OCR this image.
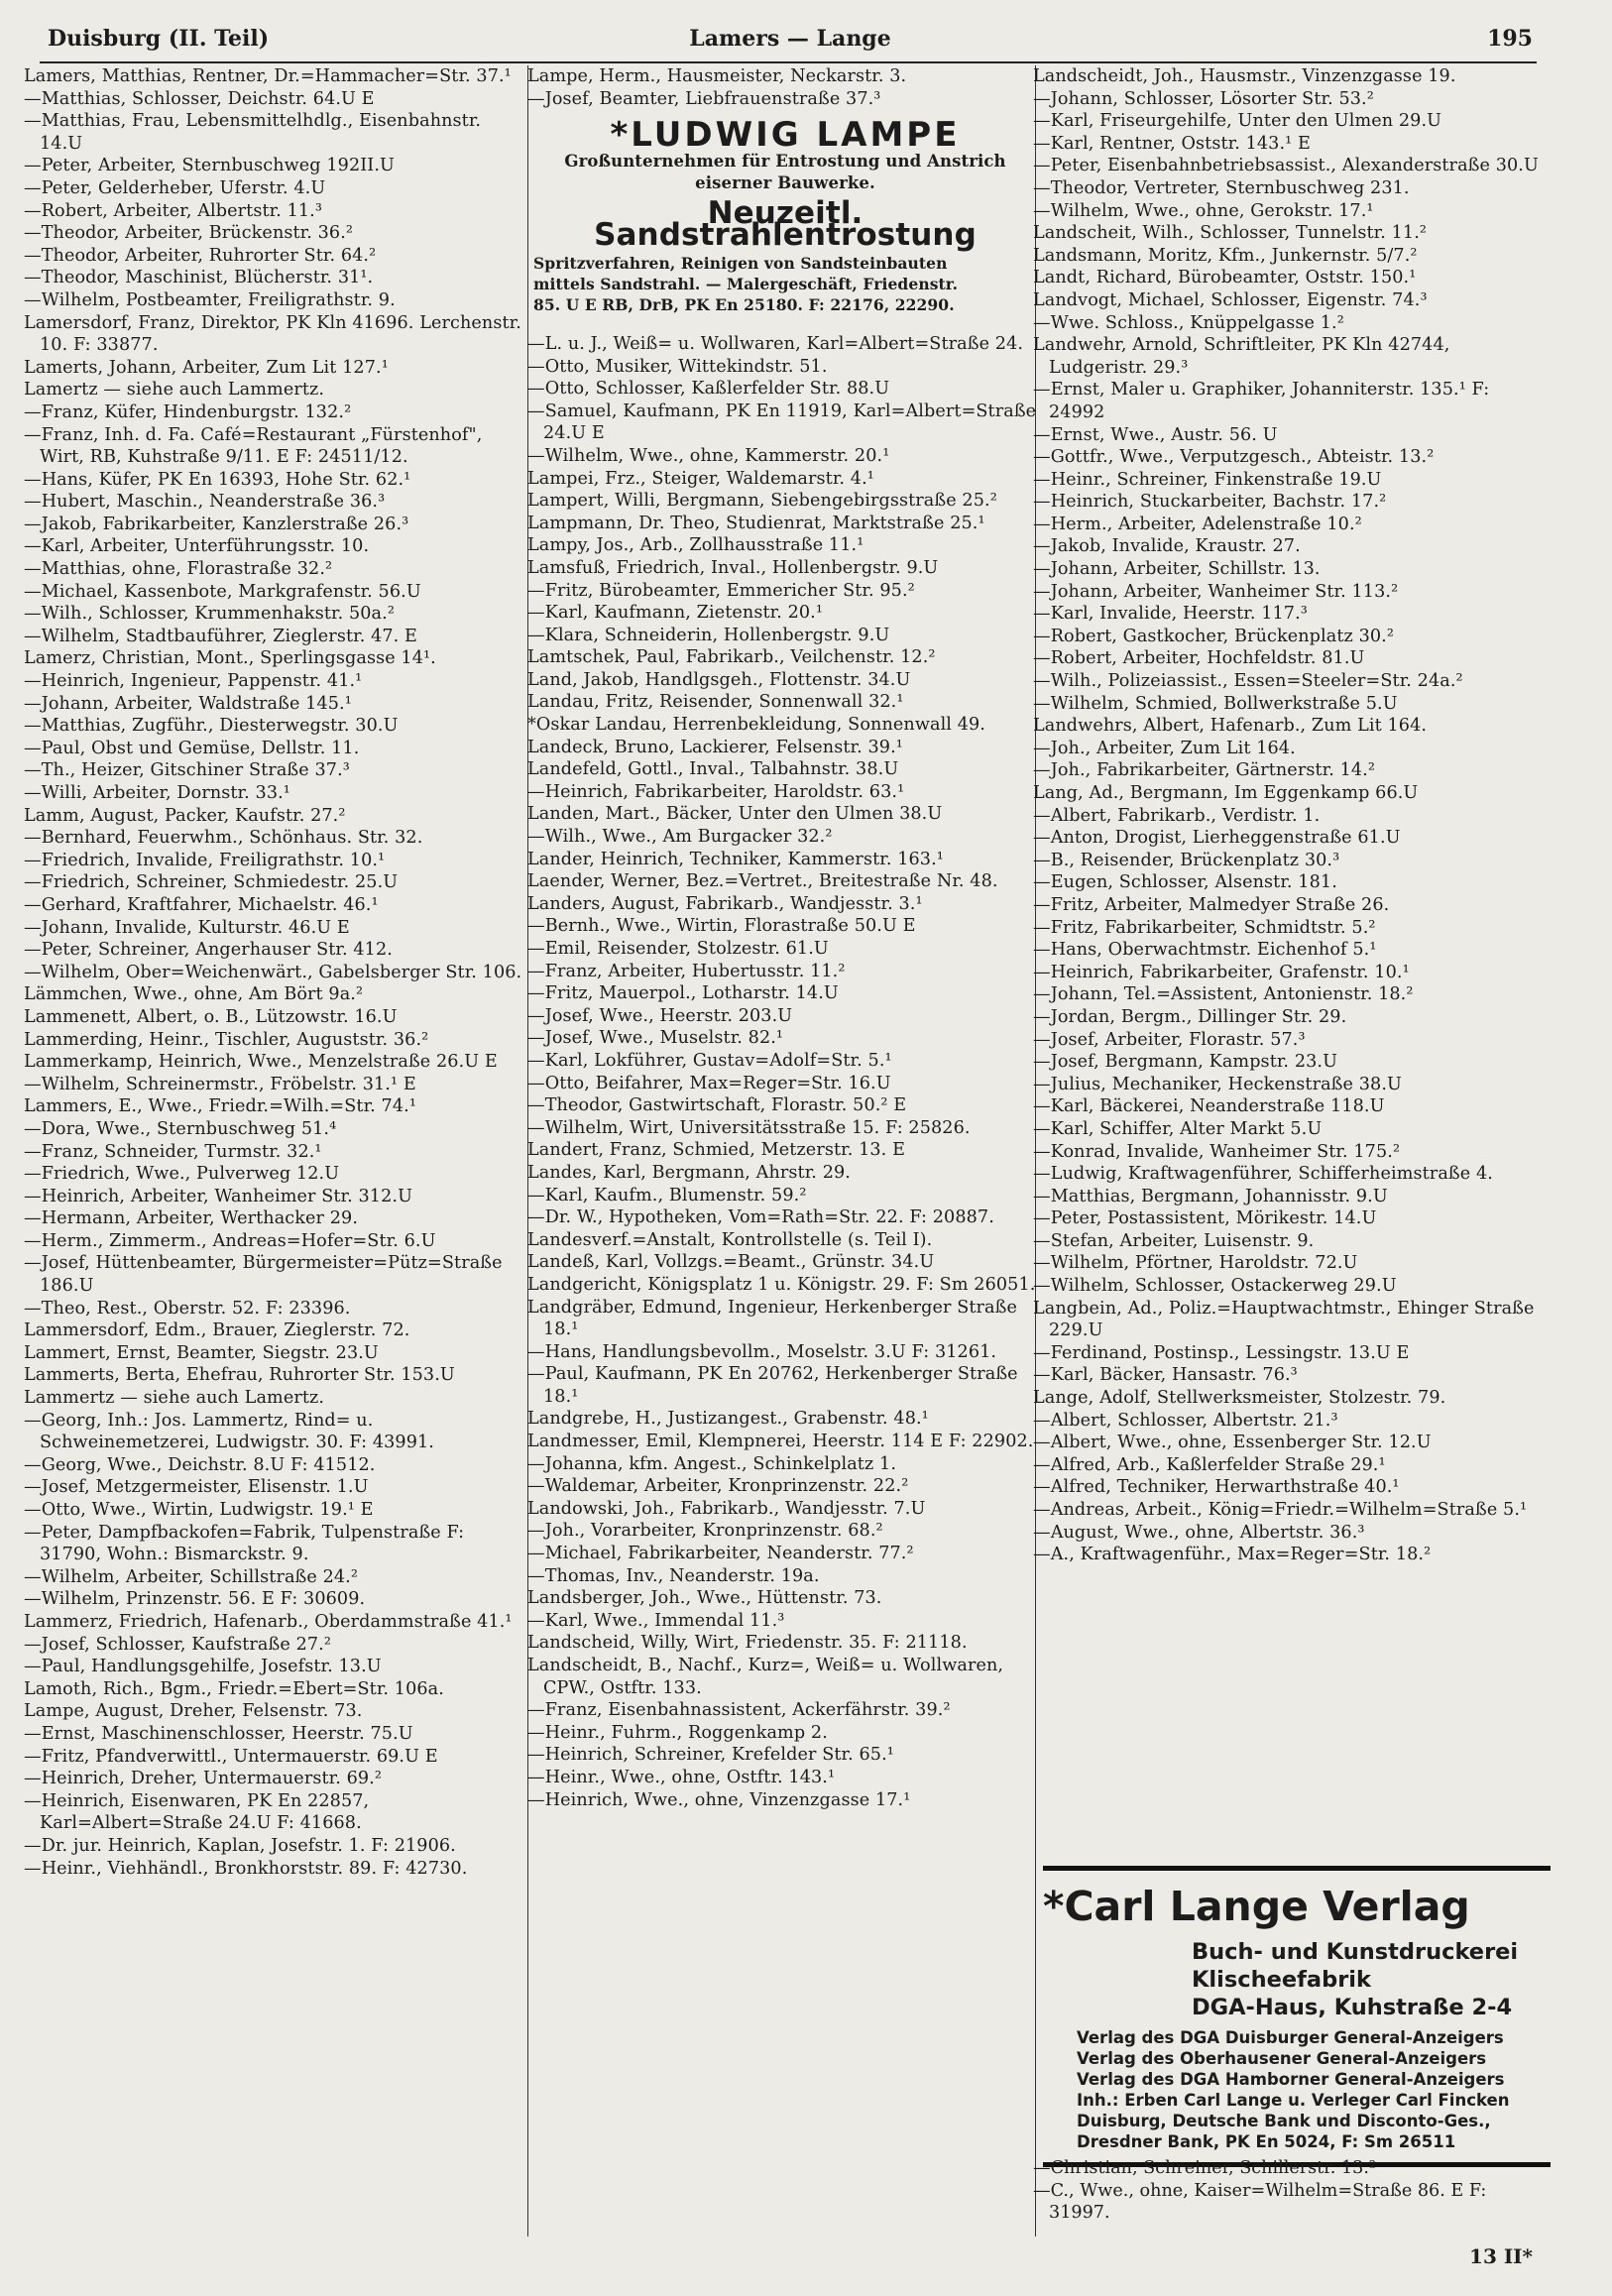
Duisburg (II. Teil)	Lamers — Lange	195

Lamers, Matthias, Rentner, Dr.=Hammacher=Str. 37.¹

—Matthias, Schlosser, Deichstr. 64.U E

—Matthias, Frau, Lebensmittelhdlg., Eisenbahnstr. 14.U

—Peter, Arbeiter, Sternbuschweg 192II.U

—Peter, Gelderheber, Uferstr. 4.U

—Robert, Arbeiter, Albertstr. 11.³

—Theodor, Arbeiter, Brückenstr. 36.²

—Theodor, Arbeiter, Ruhrorter Str. 64.²

—Theodor, Maschinist, Blücherstr. 31¹.

—Wilhelm, Postbeamter, Freiligrathstr. 9.

Lamersdorf, Franz, Direktor, PK Kln 41696. Lerchenstr. 10. F: 33877.

Lamerts, Johann, Arbeiter, Zum Lit 127.¹

Lamertz — siehe auch Lammertz.

—Franz, Küfer, Hindenburgstr. 132.²

—Franz, Inh. d. Fa. Café=Restaurant „Fürstenhof", Wirt, RB, Kuhstraße 9/11. E F: 24511/12.

—Hans, Küfer, PK En 16393, Hohe Str. 62.¹

—Hubert, Maschin., Neanderstraße 36.³

—Jakob, Fabrikarbeiter, Kanzlerstraße 26.³

—Karl, Arbeiter, Unterführungsstr. 10.

—Matthias, ohne, Florastraße 32.²

—Michael, Kassenbote, Markgrafenstr. 56.U

—Wilh., Schlosser, Krummenhakstr. 50a.²

—Wilhelm, Stadtbauführer, Zieglerstr. 47. E

Lamerz, Christian, Mont., Sperlingsgasse 14¹.

—Heinrich, Ingenieur, Pappenstr. 41.¹

—Johann, Arbeiter, Waldstraße 145.¹

—Matthias, Zugführ., Diesterwegstr. 30.U

—Paul, Obst und Gemüse, Dellstr. 11.

—Th., Heizer, Gitschiner Straße 37.³

—Willi, Arbeiter, Dornstr. 33.¹

Lamm, August, Packer, Kaufstr. 27.²

—Bernhard, Feuerwhm., Schönhaus. Str. 32.

—Friedrich, Invalide, Freiligrathstr. 10.¹

—Friedrich, Schreiner, Schmiedestr. 25.U

—Gerhard, Kraftfahrer, Michaelstr. 46.¹

—Johann, Invalide, Kulturstr. 46.U E

—Peter, Schreiner, Angerhauser Str. 412.

—Wilhelm, Ober=Weichenwärt., Gabelsberger Str. 106.

Lämmchen, Wwe., ohne, Am Bört 9a.²

Lammenett, Albert, o. B., Lützowstr. 16.U

Lammerding, Heinr., Tischler, Auguststr. 36.²

Lammerkamp, Heinrich, Wwe., Menzelstraße 26.U E

—Wilhelm, Schreinermstr., Fröbelstr. 31.¹ E

Lammers, E., Wwe., Friedr.=Wilh.=Str. 74.¹

—Dora, Wwe., Sternbuschweg 51.⁴

—Franz, Schneider, Turmstr. 32.¹

—Friedrich, Wwe., Pulverweg 12.U

—Heinrich, Arbeiter, Wanheimer Str. 312.U

—Hermann, Arbeiter, Werthacker 29.

—Herm., Zimmerm., Andreas=Hofer=Str. 6.U

—Josef, Hüttenbeamter, Bürgermeister=Pütz=Straße 186.U

—Theo, Rest., Oberstr. 52. F: 23396.

Lammersdorf, Edm., Brauer, Zieglerstr. 72.

Lammert, Ernst, Beamter, Siegstr. 23.U

Lammerts, Berta, Ehefrau, Ruhrorter Str. 153.U

Lammertz — siehe auch Lamertz.

—Georg, Inh.: Jos. Lammertz, Rind= u. Schweinemetzerei, Ludwigstr. 30. F: 43991.

—Georg, Wwe., Deichstr. 8.U F: 41512.

—Josef, Metzgermeister, Elisenstr. 1.U

—Otto, Wwe., Wirtin, Ludwigstr. 19.¹ E

—Peter, Dampfbackofen=Fabrik, Tulpenstraße F: 31790, Wohn.: Bismarckstr. 9.

—Wilhelm, Arbeiter, Schillstraße 24.²

—Wilhelm, Prinzenstr. 56. E F: 30609.

Lammerz, Friedrich, Hafenarb., Oberdammstraße 41.¹

—Josef, Schlosser, Kaufstraße 27.²

—Paul, Handlungsgehilfe, Josefstr. 13.U

Lamoth, Rich., Bgm., Friedr.=Ebert=Str. 106a.

Lampe, August, Dreher, Felsenstr. 73.

—Ernst, Maschinenschlosser, Heerstr. 75.U

—Fritz, Pfandverwittl., Untermauerstr. 69.U E

—Heinrich, Dreher, Untermauerstr. 69.²

—Heinrich, Eisenwaren, PK En 22857, Karl=Albert=Straße 24.U F: 41668.

—Dr. jur. Heinrich, Kaplan, Josefstr. 1. F: 21906.

—Heinr., Viehhändl., Bronkhorststr. 89. F: 42730.

Lampe, Herm., Hausmeister, Neckarstr. 3.

—Josef, Beamter, Liebfrauenstraße 37.³

*LUDWIG LAMPE
Großunternehmen für Entrostung und Anstrich
eiserner Bauwerke.
Neuzeitl. Sandstrahlentrostung
Spritzverfahren, Reinigen von Sandsteinbauten
mittels Sandstrahl. — Malergeschäft, Friedenstr.
85. U E RB, DrB, PK En 25180. F: 22176, 22290.

—L. u. J., Weiß= u. Wollwaren, Karl=Albert=Straße 24.

—Otto, Musiker, Wittekindstr. 51.

—Otto, Schlosser, Kaßlerfelder Str. 88.U

—Samuel, Kaufmann, PK En 11919, Karl=Albert=Straße 24.U E

—Wilhelm, Wwe., ohne, Kammerstr. 20.¹

Lampei, Frz., Steiger, Waldemarstr. 4.¹

Lampert, Willi, Bergmann, Siebengebirgsstraße 25.²

Lampmann, Dr. Theo, Studienrat, Marktstraße 25.¹

Lampy, Jos., Arb., Zollhausstraße 11.¹

Lamsfuß, Friedrich, Inval., Hollenbergstr. 9.U

—Fritz, Bürobeamter, Emmericher Str. 95.²

—Karl, Kaufmann, Zietenstr. 20.¹

—Klara, Schneiderin, Hollenbergstr. 9.U

Lamtschek, Paul, Fabrikarb., Veilchenstr. 12.²

Land, Jakob, Handlgsgeh., Flottenstr. 34.U

Landau, Fritz, Reisender, Sonnenwall 32.¹

*Oskar Landau, Herrenbekleidung, Sonnenwall 49.

Landeck, Bruno, Lackierer, Felsenstr. 39.¹

Landefeld, Gottl., Inval., Talbahnstr. 38.U

—Heinrich, Fabrikarbeiter, Haroldstr. 63.¹

Landen, Mart., Bäcker, Unter den Ulmen 38.U

—Wilh., Wwe., Am Burgacker 32.²

Lander, Heinrich, Techniker, Kammerstr. 163.¹

Laender, Werner, Bez.=Vertret., Breitestraße Nr. 48.

Landers, August, Fabrikarb., Wandjesstr. 3.¹

—Bernh., Wwe., Wirtin, Florastraße 50.U E

—Emil, Reisender, Stolzestr. 61.U

—Franz, Arbeiter, Hubertusstr. 11.²

—Fritz, Mauerpol., Lotharstr. 14.U

—Josef, Wwe., Heerstr. 203.U

—Josef, Wwe., Muselstr. 82.¹

—Karl, Lokführer, Gustav=Adolf=Str. 5.¹

—Otto, Beifahrer, Max=Reger=Str. 16.U

—Theodor, Gastwirtschaft, Florastr. 50.² E

—Wilhelm, Wirt, Universitätsstraße 15. F: 25826.

Landert, Franz, Schmied, Metzerstr. 13. E

Landes, Karl, Bergmann, Ahrstr. 29.

—Karl, Kaufm., Blumenstr. 59.²

—Dr. W., Hypotheken, Vom=Rath=Str. 22. F: 20887.

Landesverf.=Anstalt, Kontrollstelle (s. Teil I).

Landeß, Karl, Vollzgs.=Beamt., Grünstr. 34.U

Landgericht, Königsplatz 1 u. Königstr. 29. F: Sm 26051.

Landgräber, Edmund, Ingenieur, Herkenberger Straße 18.¹

—Hans, Handlungsbevollm., Moselstr. 3.U F: 31261.

—Paul, Kaufmann, PK En 20762, Herkenberger Straße 18.¹

Landgrebe, H., Justizangest., Grabenstr. 48.¹

Landmesser, Emil, Klempnerei, Heerstr. 114 E F: 22902.

—Johanna, kfm. Angest., Schinkelplatz 1.

—Waldemar, Arbeiter, Kronprinzenstr. 22.²

Landowski, Joh., Fabrikarb., Wandjesstr. 7.U

—Joh., Vorarbeiter, Kronprinzenstr. 68.²

—Michael, Fabrikarbeiter, Neanderstr. 77.²

—Thomas, Inv., Neanderstr. 19a.

Landsberger, Joh., Wwe., Hüttenstr. 73.

—Karl, Wwe., Immendal 11.³

Landscheid, Willy, Wirt, Friedenstr. 35. F: 21118.

Landscheidt, B., Nachf., Kurz=, Weiß= u. Wollwaren, CPW., Ostftr. 133.

—Franz, Eisenbahnassistent, Ackerfährstr. 39.²

—Heinr., Fuhrm., Roggenkamp 2.

—Heinrich, Schreiner, Krefelder Str. 65.¹

—Heinr., Wwe., ohne, Ostftr. 143.¹

—Heinrich, Wwe., ohne, Vinzenzgasse 17.¹

Landscheidt, Joh., Hausmstr., Vinzenzgasse 19.

—Johann, Schlosser, Lösorter Str. 53.²

—Karl, Friseurgehilfe, Unter den Ulmen 29.U

—Karl, Rentner, Oststr. 143.¹ E

—Peter, Eisenbahnbetriebsassist., Alexanderstraße 30.U

—Theodor, Vertreter, Sternbuschweg 231.

—Wilhelm, Wwe., ohne, Gerokstr. 17.¹

Landscheit, Wilh., Schlosser, Tunnelstr. 11.²

Landsmann, Moritz, Kfm., Junkernstr. 5/7.²

Landt, Richard, Bürobeamter, Oststr. 150.¹

Landvogt, Michael, Schlosser, Eigenstr. 74.³

—Wwe. Schloss., Knüppelgasse 1.²

Landwehr, Arnold, Schriftleiter, PK Kln 42744, Ludgeristr. 29.³

—Ernst, Maler u. Graphiker, Johanniterstr. 135.¹ F: 24992

—Ernst, Wwe., Austr. 56. U

—Gottfr., Wwe., Verputzgesch., Abteistr. 13.²

—Heinr., Schreiner, Finkenstraße 19.U

—Heinrich, Stuckarbeiter, Bachstr. 17.²

—Herm., Arbeiter, Adelenstraße 10.²

—Jakob, Invalide, Kraustr. 27.

—Johann, Arbeiter, Schillstr. 13.

—Johann, Arbeiter, Wanheimer Str. 113.²

—Karl, Invalide, Heerstr. 117.³

—Robert, Gastkocher, Brückenplatz 30.²

—Robert, Arbeiter, Hochfeldstr. 81.U

—Wilh., Polizeiassist., Essen=Steeler=Str. 24a.²

—Wilhelm, Schmied, Bollwerkstraße 5.U

Landwehrs, Albert, Hafenarb., Zum Lit 164.

—Joh., Arbeiter, Zum Lit 164.

—Joh., Fabrikarbeiter, Gärtnerstr. 14.²

Lang, Ad., Bergmann, Im Eggenkamp 66.U

—Albert, Fabrikarb., Verdistr. 1.

—Anton, Drogist, Lierheggenstraße 61.U

—B., Reisender, Brückenplatz 30.³

—Eugen, Schlosser, Alsenstr. 181.

—Fritz, Arbeiter, Malmedyer Straße 26.

—Fritz, Fabrikarbeiter, Schmidtstr. 5.²

—Hans, Oberwachtmstr. Eichenhof 5.¹

—Heinrich, Fabrikarbeiter, Grafenstr. 10.¹

—Johann, Tel.=Assistent, Antonienstr. 18.²

—Jordan, Bergm., Dillinger Str. 29.

—Josef, Arbeiter, Florastr. 57.³

—Josef, Bergmann, Kampstr. 23.U

—Julius, Mechaniker, Heckenstraße 38.U

—Karl, Bäckerei, Neanderstraße 118.U

—Karl, Schiffer, Alter Markt 5.U

—Konrad, Invalide, Wanheimer Str. 175.²

—Ludwig, Kraftwagenführer, Schifferheimstraße 4.

—Matthias, Bergmann, Johannisstr. 9.U

—Peter, Postassistent, Mörikestr. 14.U

—Stefan, Arbeiter, Luisenstr. 9.

—Wilhelm, Pförtner, Haroldstr. 72.U

—Wilhelm, Schlosser, Ostackerweg 29.U

Langbein, Ad., Poliz.=Hauptwachtmstr., Ehinger Straße 229.U

—Ferdinand, Postinsp., Lessingstr. 13.U E

—Karl, Bäcker, Hansastr. 76.³

Lange, Adolf, Stellwerksmeister, Stolzestr. 79.

—Albert, Schlosser, Albertstr. 21.³

—Albert, Wwe., ohne, Essenberger Str. 12.U

—Alfred, Arb., Kaßlerfelder Straße 29.¹

—Alfred, Techniker, Herwarthstraße 40.¹

—Andreas, Arbeit., König=Friedr.=Wilhelm=Straße 5.¹

—August, Wwe., ohne, Albertstr. 36.³

—A., Kraftwagenführ., Max=Reger=Str. 18.²

*Carl Lange Verlag
Buch- und Kunstdruckerei
Klischeefabrik
DGA-Haus, Kuhstraße 2-4
Verlag des DGA Duisburger General-Anzeigers
Verlag des Oberhausener General-Anzeigers
Verlag des DGA Hamborner General-Anzeigers
Inh.: Erben Carl Lange u. Verleger Carl Fincken
Duisburg, Deutsche Bank und Disconto-Ges.,
Dresdner Bank, PK En 5024, F: Sm 26511

—Christian, Schreiner, Schillerstr. 13.²

—C., Wwe., ohne, Kaiser=Wilhelm=Straße 86. E F: 31997.

13 II*
